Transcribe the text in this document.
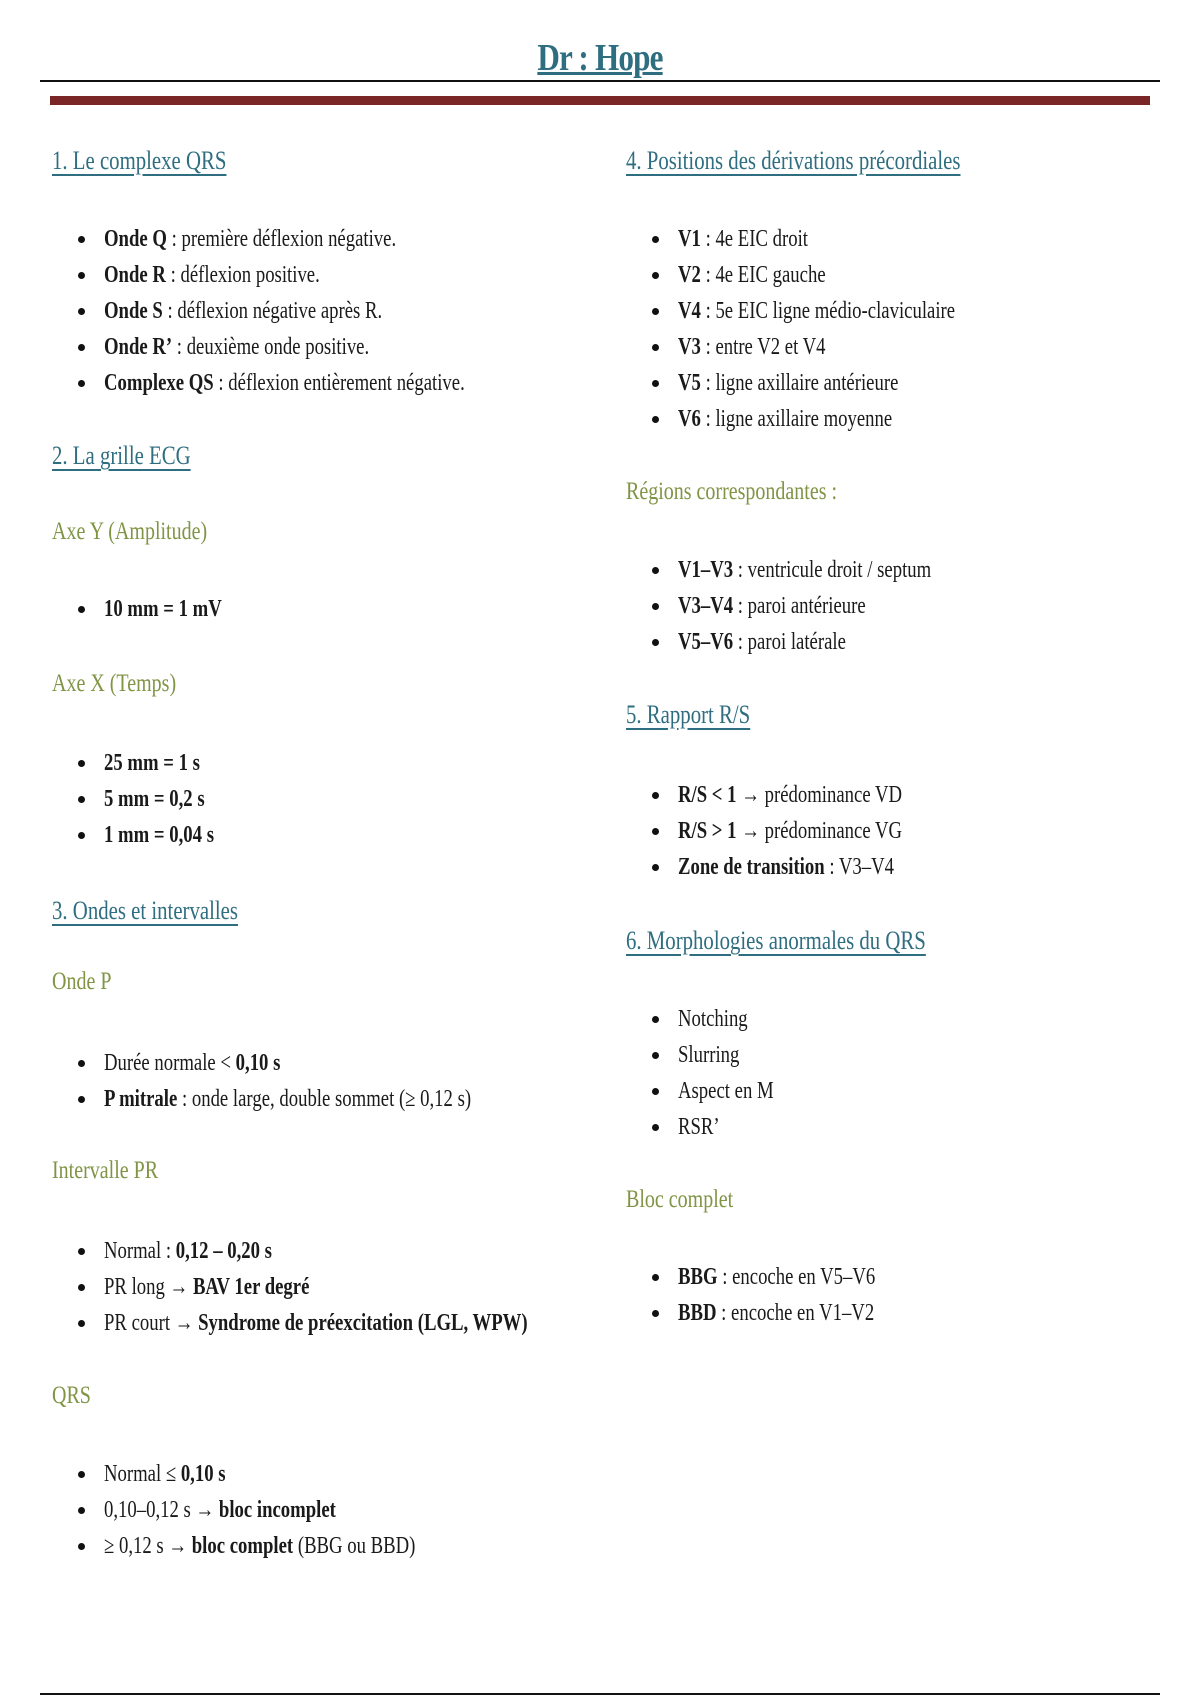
Dr : Hope
1. Le complexe QRS
Onde Q : première déflexion négative.
Onde R : déflexion positive.
Onde S : déflexion négative après R.
Onde R’ : deuxième onde positive.
Complexe QS : déflexion entièrement négative.
2. La grille ECG
Axe Y (Amplitude)
10 mm = 1 mV
Axe X (Temps)
25 mm = 1 s
5 mm = 0,2 s
1 mm = 0,04 s
3. Ondes et intervalles
Onde P
Durée normale < 0,10 s
P mitrale : onde large, double sommet (≥ 0,12 s)
Intervalle PR
Normal : 0,12 – 0,20 s
PR long → BAV 1er degré
PR court → Syndrome de préexcitation (LGL, WPW)
QRS
Normal ≤ 0,10 s
0,10–0,12 s → bloc incomplet
≥ 0,12 s → bloc complet (BBG ou BBD)
4. Positions des dérivations précordiales
V1 : 4e EIC droit
V2 : 4e EIC gauche
V4 : 5e EIC ligne médio-claviculaire
V3 : entre V2 et V4
V5 : ligne axillaire antérieure
V6 : ligne axillaire moyenne
Régions correspondantes :
V1–V3 : ventricule droit / septum
V3–V4 : paroi antérieure
V5–V6 : paroi latérale
5. Rapport R/S
R/S < 1 → prédominance VD
R/S > 1 → prédominance VG
Zone de transition : V3–V4
6. Morphologies anormales du QRS
Notching
Slurring
Aspect en M
RSR’
Bloc complet
BBG : encoche en V5–V6
BBD : encoche en V1–V2
